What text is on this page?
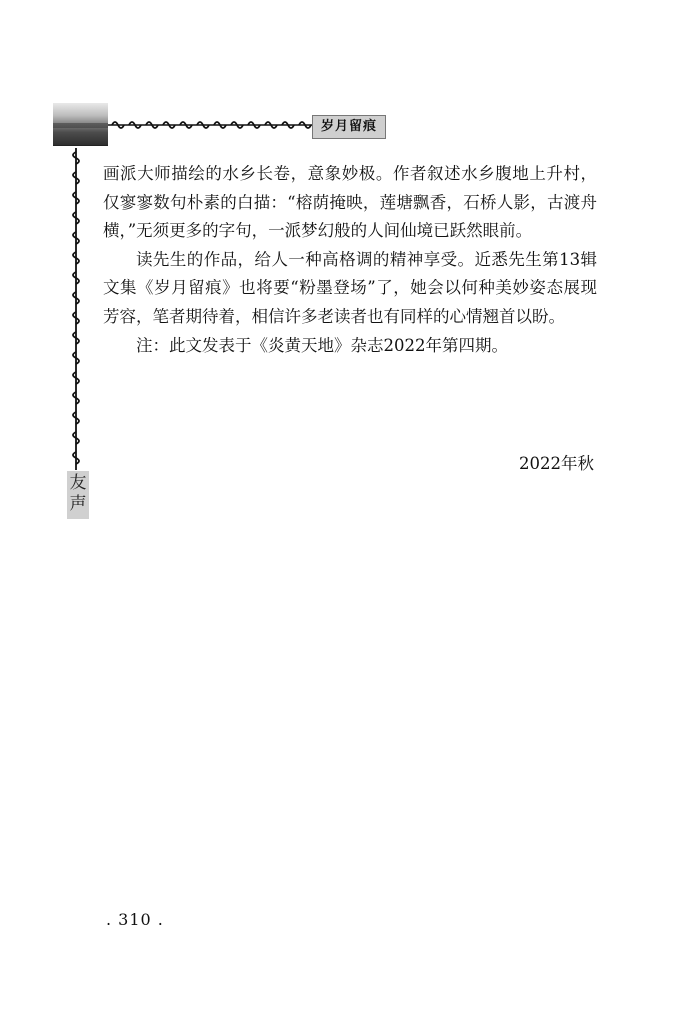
岁月留痕
友声

画派大师描绘的水乡长卷，意象妙极。作者叙述水乡腹地上升村，仅寥寥数句朴素的白描：“榕荫掩映，莲塘飘香，石桥人影，古渡舟横，”无须更多的字句，一派梦幻般的人间仙境已跃然眼前。

读先生的作品，给人一种高格调的精神享受。近悉先生第13辑文集《岁月留痕》也将要“粉墨登场”了，她会以何种美妙姿态展现芳容，笔者期待着，相信许多老读者也有同样的心情翘首以盼。

注：此文发表于《炎黄天地》杂志2022年第四期。

2022年秋
. 310 .
